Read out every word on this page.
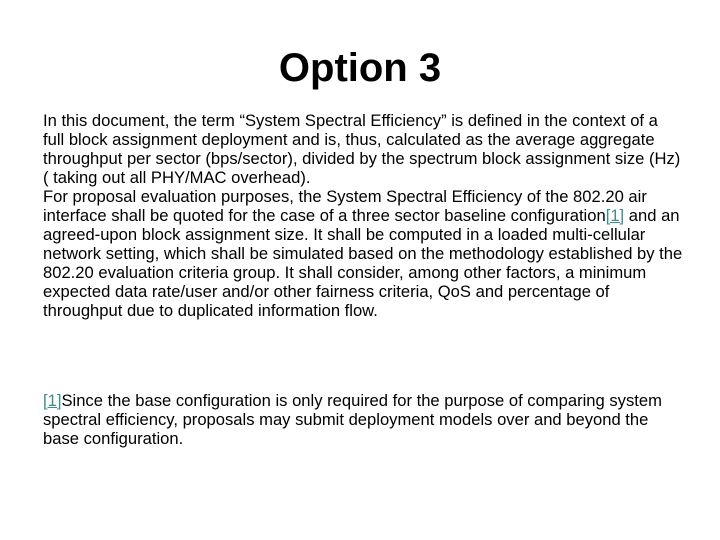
Option 3

In this document, the term “System Spectral Efficiency” is defined in the context of a full block assignment deployment and is, thus, calculated as the average aggregate throughput per sector (bps/sector), divided by the spectrum block assignment size (Hz)( taking out all PHY/MAC overhead).

For proposal evaluation purposes, the System Spectral Efficiency of the 802.20 air interface shall be quoted for the case of a three sector baseline configuration[1] and an agreed-upon block assignment size. It shall be computed in a loaded multi-cellular network setting, which shall be simulated based on the methodology established by the 802.20 evaluation criteria group. It shall consider, among other factors, a minimum expected data rate/user and/or other fairness criteria, QoS and percentage of throughput due to duplicated information flow.

[1]Since the base configuration is only required for the purpose of comparing system spectral efficiency, proposals may submit deployment models over and beyond the base configuration.
